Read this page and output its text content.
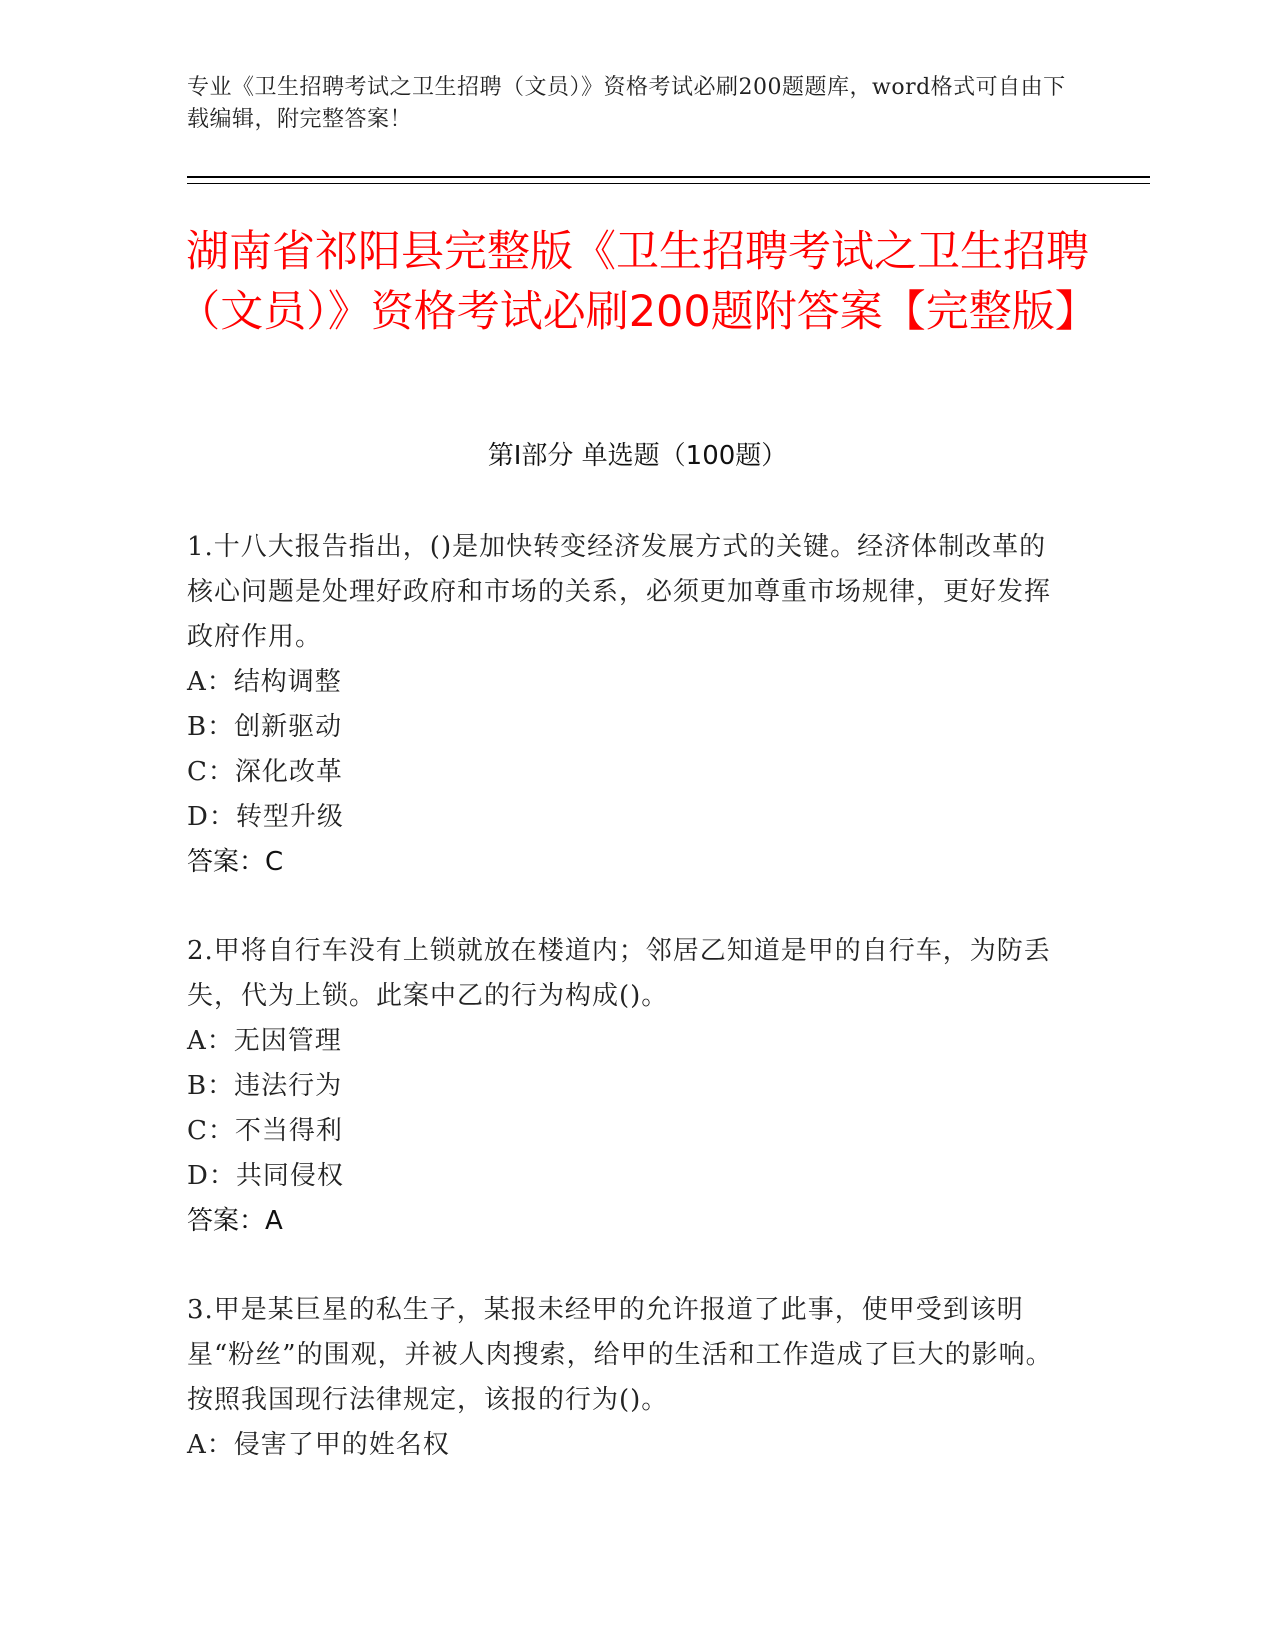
专业《卫生招聘考试之卫生招聘（文员）》资格考试必刷200题题库，word格式可自由下载编辑，附完整答案！
湖南省祁阳县完整版《卫生招聘考试之卫生招聘（文员）》资格考试必刷200题附答案【完整版】
第Ⅰ部分 单选题（100题）
1.十八大报告指出，()是加快转变经济发展方式的关键。经济体制改革的核心问题是处理好政府和市场的关系，必须更加尊重市场规律，更好发挥政府作用。
A：结构调整
B：创新驱动
C：深化改革
D：转型升级
答案：C
2.甲将自行车没有上锁就放在楼道内；邻居乙知道是甲的自行车，为防丢失，代为上锁。此案中乙的行为构成()。
A：无因管理
B：违法行为
C：不当得利
D：共同侵权
答案：A
3.甲是某巨星的私生子，某报未经甲的允许报道了此事，使甲受到该明星“粉丝”的围观，并被人肉搜索，给甲的生活和工作造成了巨大的影响。按照我国现行法律规定，该报的行为()。
A：侵害了甲的姓名权
